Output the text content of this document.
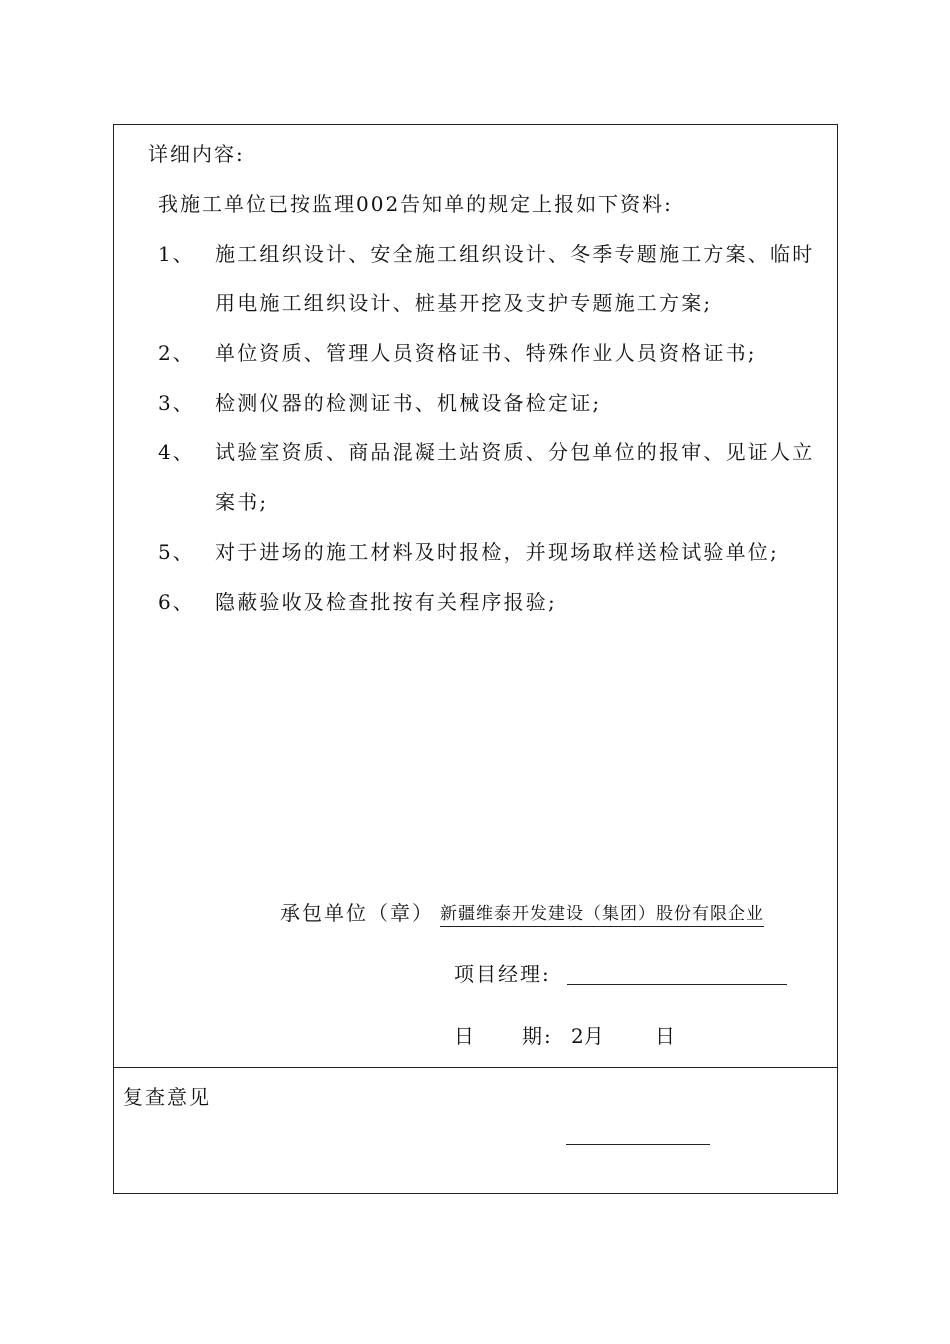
详细内容:
我施工单位已按监理002告知单的规定上报如下资料:
1、 施工组织设计、安全施工组织设计、冬季专题施工方案、临时
用电施工组织设计、桩基开挖及支护专题施工方案;
2、 单位资质、管理人员资格证书、特殊作业人员资格证书;
3、 检测仪器的检测证书、机械设备检定证;
4、 试验室资质、商品混凝土站资质、分包单位的报审、见证人立
案书;
5、 对于进场的施工材料及时报检，并现场取样送检试验单位;
6、 隐蔽验收及检查批按有关程序报验;
承包单位（章） 新疆维泰开发建设（集团）股份有限企业
项目经理:
日 期:

2月

	日

复查意见
